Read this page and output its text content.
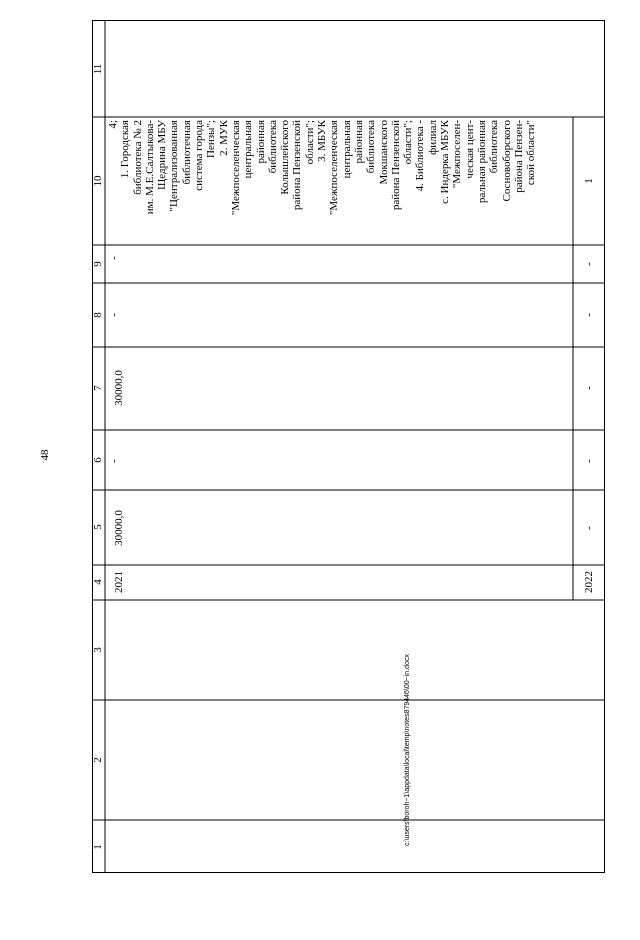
48
11
10
9
8
7
6
5
4
3
2
1
2021
30000,0
-
30000,0
-
-
4; 1. Городская библиотека № 2 им. М.Е.Салтыкова- Щедрина МБУ "Централизованная библиотечная система города Пензы"; 2. МУК "Межпоселенческая центральная районная библиотека Колышлейского района Пензенской области"; 3. МБУК "Межпоселенческая центральная районная библиотека Мокшанского района Пензенской области"; 4. Библиотека - филиал с. Индерка МБУК "Межпоселен- ческая цент- ральная районная библиотека Сосновоборского района Пензен- ской области"
2022
-
-
-
-
-
1
c:\users\boroh~1\appdata\local\temp\notes879446\00~in.docx
